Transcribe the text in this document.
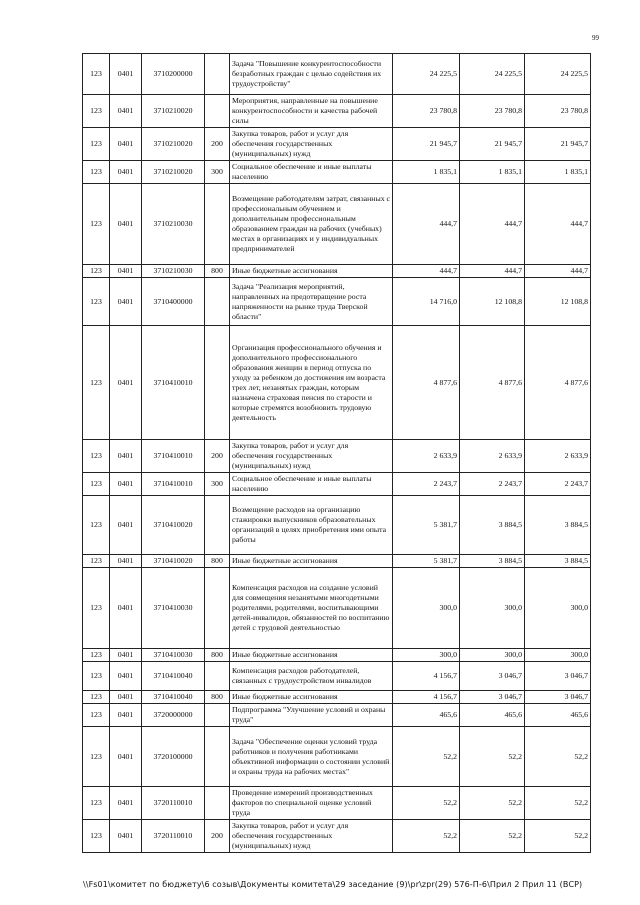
99
123	0401	3710200000		Задача "Повышение конкурентоспособности безработных граждан с целью содействия их трудоустройству"	24 225,5	24 225,5	24 225,5
123	0401	3710210020		Мероприятия, направленные на повышение конкурентоспособности и качества рабочей силы	23 780,8	23 780,8	23 780,8
123	0401	3710210020	200	Закупка товаров, работ и услуг для обеспечения государственных (муниципальных) нужд	21 945,7	21 945,7	21 945,7
123	0401	3710210020	300	Социальное обеспечение и иные выплаты населению	1 835,1	1 835,1	1 835,1
123	0401	3710210030		Возмещение работодателям затрат, связанных с профессиональным обучением и дополнительным профессиональным образованием граждан на рабочих (учебных) местах в организациях и у индивидуальных предпринимателей	444,7	444,7	444,7
123	0401	3710210030	800	Иные бюджетные ассигнования	444,7	444,7	444,7
123	0401	3710400000		Задача "Реализация мероприятий, направленных на предотвращение роста напряженности на рынке труда Тверской области"	14 716,0	12 108,8	12 108,8
123	0401	3710410010		Организация профессионального обучения и дополнительного профессионального образования женщин в период отпуска по уходу за ребенком до достижения им возраста трех лет, незанятых граждан, которым назначена страховая пенсия по старости и которые стремятся возобновить трудовую деятельность	4 877,6	4 877,6	4 877,6
123	0401	3710410010	200	Закупка товаров, работ и услуг для обеспечения государственных (муниципальных) нужд	2 633,9	2 633,9	2 633,9
123	0401	3710410010	300	Социальное обеспечение и иные выплаты населению	2 243,7	2 243,7	2 243,7
123	0401	3710410020		Возмещение расходов на организацию стажировки выпускников образовательных организаций в целях приобретения ими опыта работы	5 381,7	3 884,5	3 884,5
123	0401	3710410020	800	Иные бюджетные ассигнования	5 381,7	3 884,5	3 884,5
123	0401	3710410030		Компенсация расходов на создание условий для совмещения незанятыми многодетными родителями, родителями, воспитывающими детей-инвалидов, обязанностей по воспитанию детей с трудовой деятельностью	300,0	300,0	300,0
123	0401	3710410030	800	Иные бюджетные ассигнования	300,0	300,0	300,0
123	0401	3710410040		Компенсация расходов работодателей, связанных с трудоустройством инвалидов	4 156,7	3 046,7	3 046,7
123	0401	3710410040	800	Иные бюджетные ассигнования	4 156,7	3 046,7	3 046,7
123	0401	3720000000		Подпрограмма "Улучшение условий и охраны труда"	465,6	465,6	465,6
123	0401	3720100000		Задача "Обеспечение оценки условий труда работников и получения работниками объективной информации о состоянии условий и охраны труда на рабочих местах"	52,2	52,2	52,2
123	0401	3720110010		Проведение измерений производственных факторов по специальной оценке условий труда	52,2	52,2	52,2
123	0401	3720110010	200	Закупка товаров, работ и услуг для обеспечения государственных (муниципальных) нужд	52,2	52,2	52,2
\\Fs01\комитет по бюджету\6 созыв\Документы комитета\29 заседание (9)\pr\zpr(29) 576-П-6\Прил 2 Прил 11 (ВСР)
